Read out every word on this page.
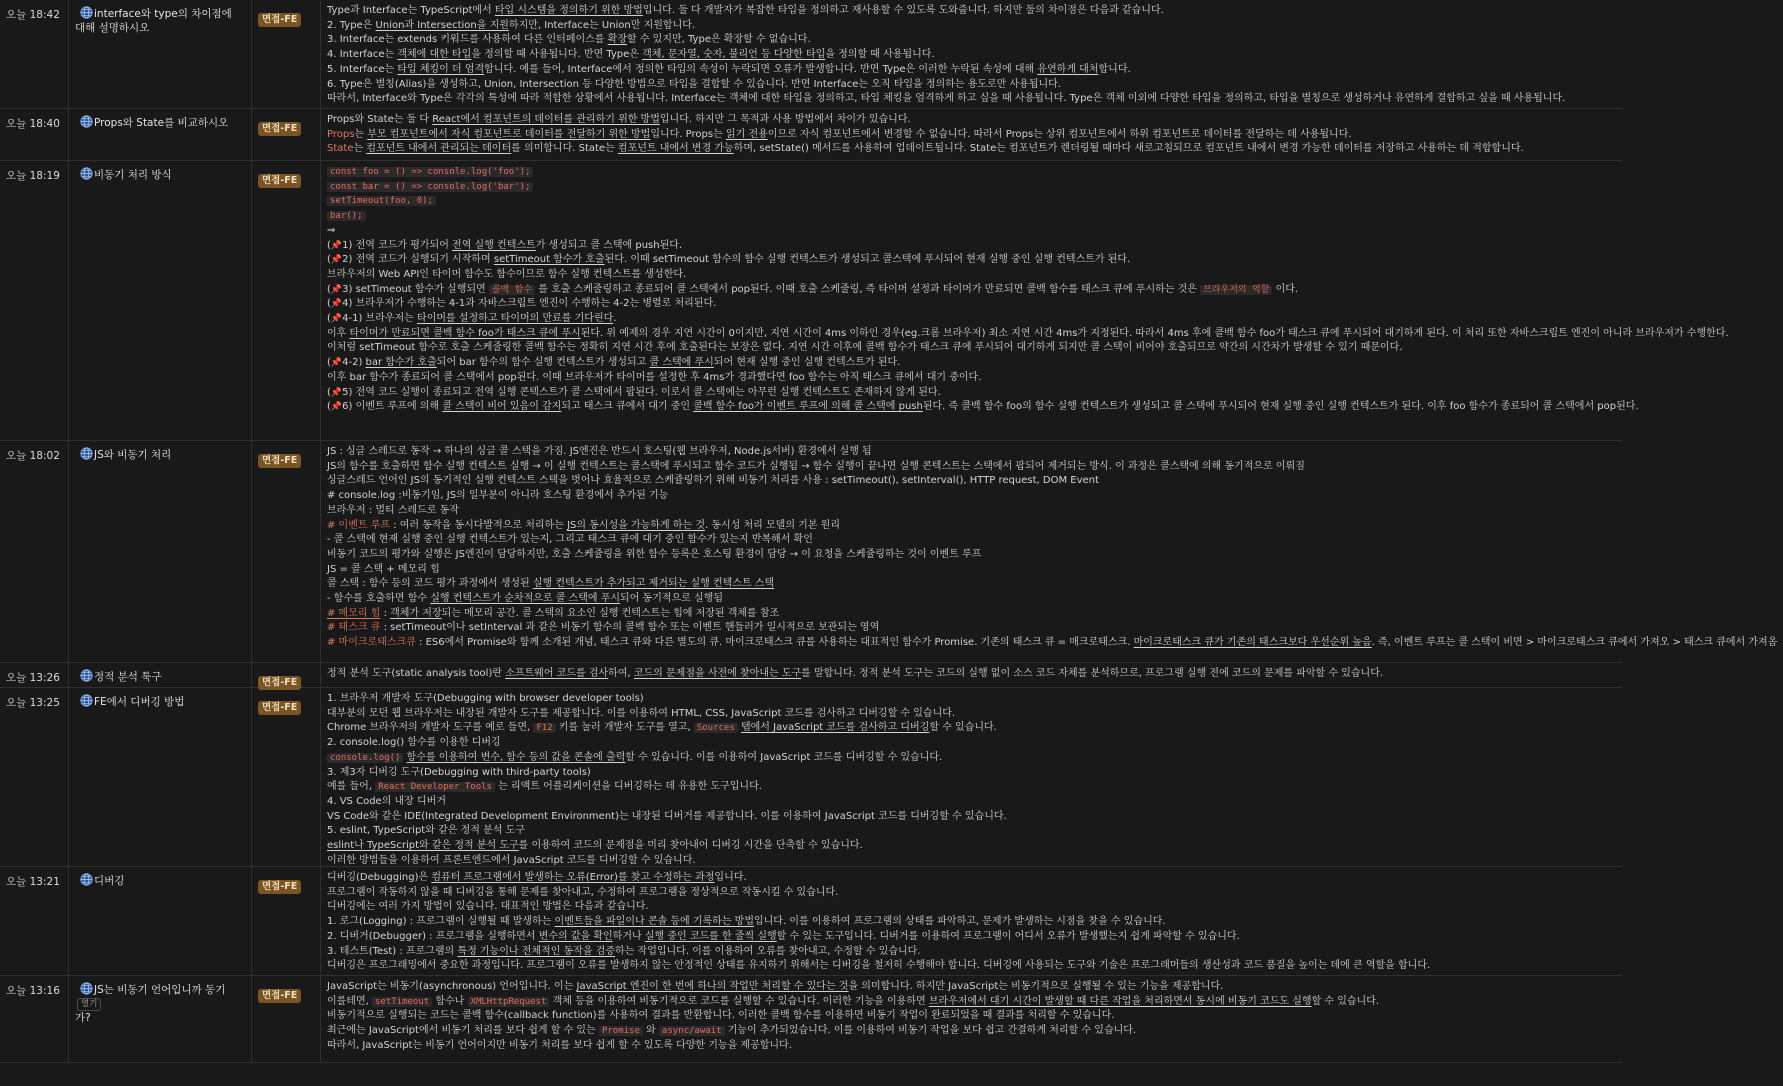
오늘 18:42	interface와 type의 차이점에 대해 설명하시오
면접-FE
Type과 Interface는 TypeScript에서 타입 시스템을 정의하기 위한 방법입니다. 둘 다 개발자가 복잡한 타입을 정의하고 재사용할 수 있도록 도와줍니다. 하지만 둘의 차이점은 다음과 같습니다.
2. Type은 Union과 Intersection을 지원하지만, Interface는 Union만 지원합니다.
3. Interface는 extends 키워드를 사용하여 다른 인터페이스를 확장할 수 있지만, Type은 확장할 수 없습니다.
4. Interface는 객체에 대한 타입을 정의할 때 사용됩니다. 반면 Type은 객체, 문자열, 숫자, 불리언 등 다양한 타입을 정의할 때 사용됩니다.
5. Interface는 타입 체킹이 더 엄격합니다. 예를 들어, Interface에서 정의한 타입의 속성이 누락되면 오류가 발생합니다. 반면 Type은 이러한 누락된 속성에 대해 유연하게 대처합니다.
6. Type은 별칭(Alias)을 생성하고, Union, Intersection 등 다양한 방법으로 타입을 결합할 수 있습니다. 반면 Interface는 오직 타입을 정의하는 용도로만 사용됩니다.
따라서, Interface와 Type은 각각의 특성에 따라 적합한 상황에서 사용됩니다. Interface는 객체에 대한 타입을 정의하고, 타입 체킹을 엄격하게 하고 싶을 때 사용됩니다. Type은 객체 이외에 다양한 타입을 정의하고, 타입을 별칭으로 생성하거나 유연하게 결합하고 싶을 때 사용됩니다.
오늘 18:40	Props와 State를 비교하시오	면접-FE
Props와 State는 둘 다 React에서 컴포넌트의 데이터를 관리하기 위한 방법입니다. 하지만 그 목적과 사용 방법에서 차이가 있습니다.
Props는 부모 컴포넌트에서 자식 컴포넌트로 데이터를 전달하기 위한 방법입니다. Props는 읽기 전용이므로 자식 컴포넌트에서 변경할 수 없습니다. 따라서 Props는 상위 컴포넌트에서 하위 컴포넌트로 데이터를 전달하는 데 사용됩니다.
State는 컴포넌트 내에서 관리되는 데이터를 의미합니다. State는 컴포넌트 내에서 변경 가능하며, setState() 메서드를 사용하여 업데이트됩니다. State는 컴포넌트가 렌더링될 때마다 새로고침되므로 컴포넌트 내에서 변경 가능한 데이터를 저장하고 사용하는 데 적합합니다.
오늘 18:19	비동기 처리 방식	면접-FE
const foo = () => console.log('foo');
const bar = () => console.log('bar');
setTimeout(foo, 0);
bar();
⇒
(📌1) 전역 코드가 평가되어 전역 실행 컨텍스트가 생성되고 콜 스택에 push된다.
(📌2) 전역 코드가 실행되기 시작하며 setTimeout 함수가 호출된다. 이때 setTimeout 함수의 함수 실행 컨텍스트가 생성되고 콜스택에 푸시되어 현재 실행 중인 실행 컨텍스트가 된다.
브라우저의 Web API인 타이머 함수도 함수이므로 함수 실행 컨텍스트를 생성한다.
(📌3) setTimeout 함수가 실행되면 콜백 함수 를 호출 스케줄링하고 종료되어 콜 스택에서 pop된다. 이때 호출 스케줄링, 즉 타이머 설정과 타이머가 만료되면 콜백 함수를 태스크 큐에 푸시하는 것은 브라우저의 역할 이다.
(📌4) 브라우저가 수행하는 4-1과 자바스크립트 엔진이 수행하는 4-2는 병렬로 처리된다.
(📌4-1) 브라우저는 타이머를 설정하고 타이머의 만료를 기다린다.
이후 타이머가 만료되면 콜백 함수 foo가 태스크 큐에 푸시된다. 위 예제의 경우 지연 시간이 0이지만, 지연 시간이 4ms 이하인 경우(eg.크롬 브라우저) 최소 지연 시간 4ms가 지정된다. 따라서 4ms 후에 콜백 함수 foo가 태스크 큐에 푸시되어 대기하게 된다. 이 처리 또한 자바스크립트 엔진이 아니라 브라우저가 수행한다.
이처럼 setTimeout 함수로 호출 스케줄링한 콜백 함수는 정확히 지연 시간 후에 호출된다는 보장은 없다. 지연 시간 이후에 콜백 함수가 태스크 큐에 푸시되어 대기하게 되지만 콜 스택이 비어야 호출되므로 약간의 시간차가 발생할 수 있기 때문이다.
(📌4-2) bar 함수가 호출되어 bar 함수의 함수 실행 컨텍스트가 생성되고 콜 스택에 푸시되어 현재 실행 중인 실행 컨텍스트가 된다.
이후 bar 함수가 종료되어 콜 스택에서 pop된다. 이때 브라우저가 타이머를 설정한 후 4ms가 경과했다면 foo 함수는 아직 태스크 큐에서 대기 중이다.
(📌5) 전역 코드 실행이 종료되고 전역 실행 콘텍스트가 콜 스택에서 팝된다. 이로서 콜 스택에는 아무런 실행 컨텍스트도 존재하지 않게 된다.
(📌6) 이벤트 루프에 의해 콜 스택이 비어 있음이 감지되고 태스크 큐에서 대기 중인 콜백 함수 foo가 이벤트 루프에 의해 콜 스택에 push된다. 즉 콜백 함수 foo의 함수 실행 컨텍스트가 생성되고 콜 스택에 푸시되어 현재 실행 중인 실행 컨텍스트가 된다. 이후 foo 함수가 종료되어 콜 스택에서 pop된다.
오늘 18:02	JS와 비동기 처리	면접-FE
JS : 싱글 스레드로 동작 → 하나의 싱글 콜 스택을 가짐. JS엔진은 반드시 호스팅(웹 브라우저, Node.js서버) 환경에서 실행 됨
JS의 함수를 호출하면 함수 실행 컨텍스트 실행 → 이 실행 컨텍스트는 콜스택에 푸시되고 함수 코드가 실행됨 → 함수 실행이 끝나면 실행 콘텍스트는 스택에서 팝되어 제거되는 방식. 이 과정은 콜스택에 의해 동기적으로 이뤄짐
싱글스레드 언어인 JS의 동기적인 실행 컨텍스트 스택을 벗어나 효율적으로 스케쥴링하기 위해 비동기 처리를 사용 : setTimeout(), setInterval(), HTTP request, DOM Event
# console.log :비동기임, JS의 일부분이 아니라 호스팅 환경에서 추가된 기능
브라우저 : 멀티 스레드로 동작
# 이벤트 루프 : 여러 동작을 동시다발적으로 처리하는 JS의 동시성을 가능하게 하는 것. 동시성 처리 모델의 기본 원리
- 콜 스택에 현재 실행 중인 실행 컨텍스트가 있는지, 그리고 태스크 큐에 대기 중인 함수가 있는지 반복해서 확인
비동기 코드의 평가와 실행은 JS엔진이 담당하지만, 호출 스케쥴링을 위한 함수 등록은 호스팅 환경이 담당 → 이 요청을 스케쥴링하는 것이 이벤트 루프
JS = 콜 스택 + 메모리 힙
콜 스택 : 함수 등의 코드 평가 과정에서 생성된 실행 컨텍스트가 추가되고 제거되는 실행 컨텍스트 스택
- 함수를 호출하면 함수 실행 컨텍스트가 순차적으로 콜 스택에 푸시되어 동기적으로 실행됨
# 메모리 힙 : 객체가 저장되는 메모리 공간. 콜 스택의 요소인 실행 컨텍스트는 힙에 저장된 객체를 참조
# 태스크 큐 : setTimeout이나 setInterval 과 같은 비동기 함수의 콜백 함수 또는 이벤트 핸들러가 일시적으로 보관되는 영역
# 마이크로태스크큐 : ES6에서 Promise와 함께 소개된 개념, 태스크 큐와 다른 별도의 큐. 마이크로태스크 큐를 사용하는 대표적인 함수가 Promise. 기존의 태스크 큐 = 매크로태스크. 마이크로태스크 큐가 기존의 태스크보다 우선순위 높음. 즉, 이벤트 루프는 콜 스택이 비면 > 마이크로태스크 큐에서 가져오 > 태스크 큐에서 가져옴
오늘 13:26	정적 분석 툭구	면접-FE
정적 분석 도구(static analysis tool)란 소프트웨어 코드를 검사하여, 코드의 문제점을 사전에 찾아내는 도구를 말합니다. 정적 분석 도구는 코드의 실행 없이 소스 코드 자체를 분석하므로, 프로그램 실행 전에 코드의 문제를 파악할 수 있습니다.
오늘 13:25	FE에서 디버깅 방법	면접-FE
1. 브라우저 개발자 도구(Debugging with browser developer tools)
대부분의 모던 웹 브라우저는 내장된 개발자 도구를 제공합니다. 이를 이용하여 HTML, CSS, JavaScript 코드를 검사하고 디버깅할 수 있습니다.
Chrome 브라우저의 개발자 도구를 예로 들면, F12 키를 눌러 개발자 도구를 열고, Sources 탭에서 JavaScript 코드를 검사하고 디버깅할 수 있습니다.
2. console.log() 함수를 이용한 디버깅
console.log() 함수를 이용하여 변수, 함수 등의 값을 콘솔에 출력할 수 있습니다. 이를 이용하여 JavaScript 코드를 디버깅할 수 있습니다.
3. 제3자 디버깅 도구(Debugging with third-party tools)
예를 들어, React Developer Tools 는 리액트 어플리케이션을 디버깅하는 데 유용한 도구입니다.
4. VS Code의 내장 디버거
VS Code와 같은 IDE(Integrated Development Environment)는 내장된 디버거를 제공합니다. 이를 이용하여 JavaScript 코드를 디버깅할 수 있습니다.
5. eslint, TypeScript와 같은 정적 분석 도구
eslint나 TypeScript와 같은 정적 분석 도구를 이용하여 코드의 문제점을 미리 찾아내어 디버깅 시간을 단축할 수 있습니다.
이러한 방법들을 이용하여 프론트엔드에서 JavaScript 코드를 디버깅할 수 있습니다.
오늘 13:21	디버깅	면접-FE
디버깅(Debugging)은 컴퓨터 프로그램에서 발생하는 오류(Error)를 찾고 수정하는 과정입니다.
프로그램이 작동하지 않을 때 디버깅을 통해 문제를 찾아내고, 수정하여 프로그램을 정상적으로 작동시킬 수 있습니다.
디버깅에는 여러 가지 방법이 있습니다. 대표적인 방법은 다음과 같습니다.
1. 로그(Logging) : 프로그램이 실행될 때 발생하는 이벤트들을 파일이나 콘솔 등에 기록하는 방법입니다. 이를 이용하여 프로그램의 상태를 파악하고, 문제가 발생하는 시점을 찾을 수 있습니다.
2. 디버거(Debugger) : 프로그램을 실행하면서 변수의 값을 확인하거나 실행 중인 코드를 한 줄씩 실행할 수 있는 도구입니다. 디버거를 이용하여 프로그램이 어디서 오류가 발생했는지 쉽게 파악할 수 있습니다.
3. 테스트(Test) : 프로그램의 특정 기능이나 전체적인 동작을 검증하는 작업입니다. 이를 이용하여 오류를 찾아내고, 수정할 수 있습니다.
디버깅은 프로그래밍에서 중요한 과정입니다. 프로그램이 오류를 발생하지 않는 안정적인 상태를 유지하기 위해서는 디버깅을 철저히 수행해야 합니다. 디버깅에 사용되는 도구와 기술은 프로그래머들의 생산성과 코드 품질을 높이는 데에 큰 역할을 합니다.
오늘 13:16	JS는 비동기 언어입니까 동기 열기
가?
면접-FE
JavaScript는 비동기(asynchronous) 언어입니다. 이는 JavaScript 엔진이 한 번에 하나의 작업만 처리할 수 있다는 것을 의미합니다. 하지만 JavaScript는 비동기적으로 실행될 수 있는 기능을 제공합니다.
이를테면, setTimeout 함수나 XMLHttpRequest 객체 등을 이용하여 비동기적으로 코드를 실행할 수 있습니다. 이러한 기능을 이용하면 브라우저에서 대기 시간이 발생할 때 다른 작업을 처리하면서 동시에 비동기 코드도 실행할 수 있습니다.
비동기적으로 실행되는 코드는 콜백 함수(callback function)를 사용하여 결과를 반환합니다. 이러한 콜백 함수를 이용하면 비동기 작업이 완료되었을 때 결과를 처리할 수 있습니다.
최근에는 JavaScript에서 비동기 처리를 보다 쉽게 할 수 있는 Promise 와 async/await 기능이 추가되었습니다. 이를 이용하여 비동기 작업을 보다 쉽고 간결하게 처리할 수 있습니다.
따라서, JavaScript는 비동기 언어이지만 비동기 처리를 보다 쉽게 할 수 있도록 다양한 기능을 제공합니다.
